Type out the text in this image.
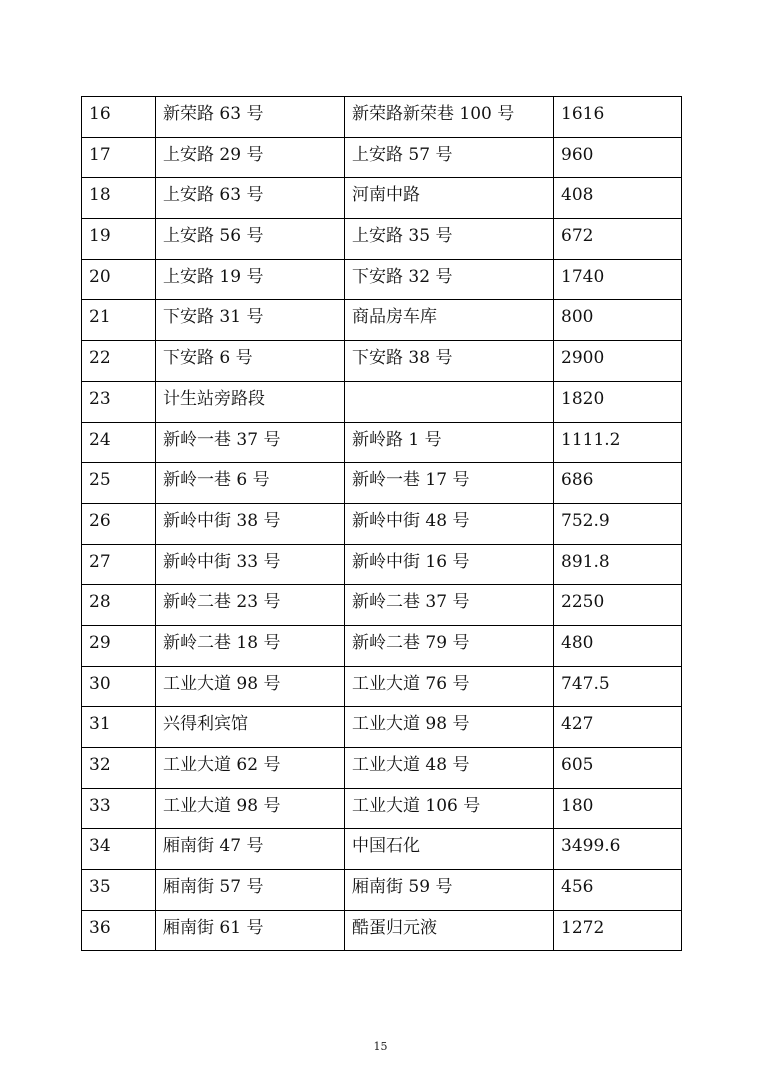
16	新荣路 63 号	新荣路新荣巷 100 号	1616
17	上安路 29 号	上安路 57 号	960
18	上安路 63 号	河南中路	408
19	上安路 56 号	上安路 35 号	672
20	上安路 19 号	下安路 32 号	1740
21	下安路 31 号	商品房车库	800
22	下安路 6 号	下安路 38 号	2900
23	计生站旁路段		1820
24	新岭一巷 37 号	新岭路 1 号	1111.2
25	新岭一巷 6 号	新岭一巷 17 号	686
26	新岭中街 38 号	新岭中街 48 号	752.9
27	新岭中街 33 号	新岭中街 16 号	891.8
28	新岭二巷 23 号	新岭二巷 37 号	2250
29	新岭二巷 18 号	新岭二巷 79 号	480
30	工业大道 98 号	工业大道 76 号	747.5
31	兴得利宾馆	工业大道 98 号	427
32	工业大道 62 号	工业大道 48 号	605
33	工业大道 98 号	工业大道 106 号	180
34	厢南街 47 号	中国石化	3499.6
35	厢南街 57 号	厢南街 59 号	456
36	厢南街 61 号	酷蛋归元液	1272
15
